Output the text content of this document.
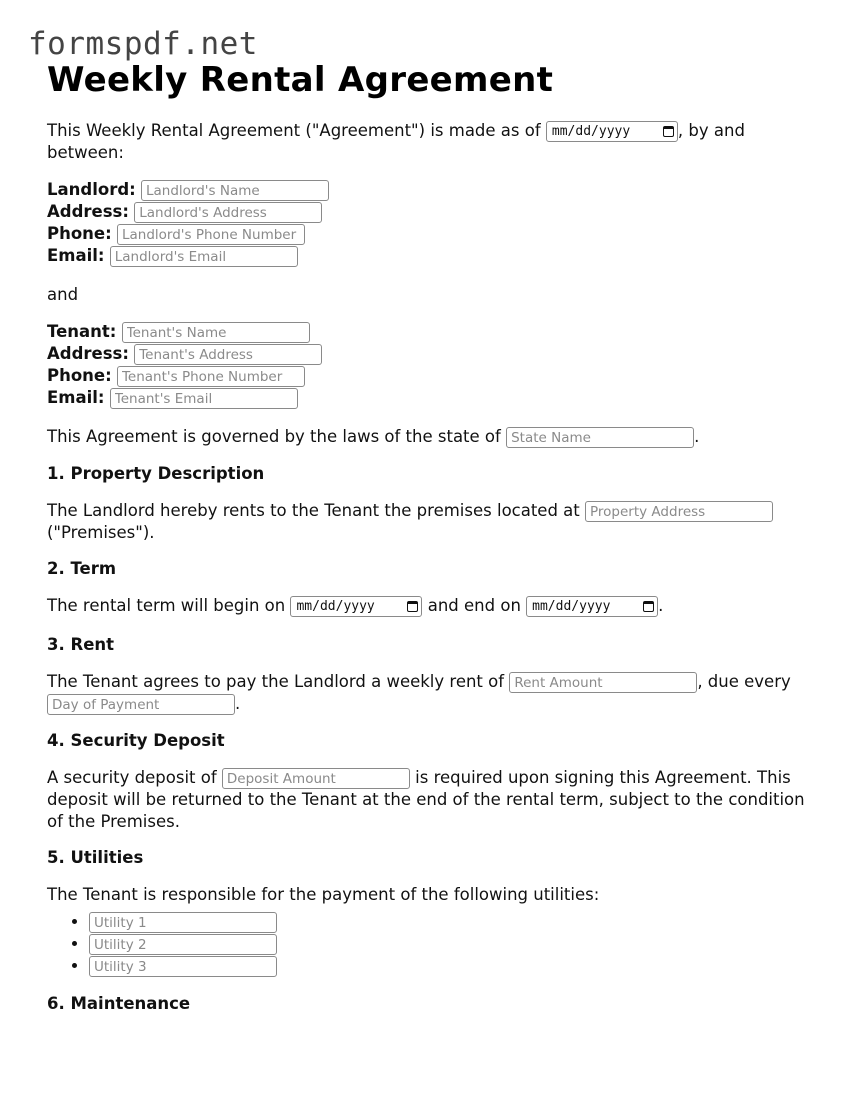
formspdf.net
Weekly Rental Agreement

This Weekly Rental Agreement ("Agreement") is made as of mm/dd/yyyy	, by and between:

Landlord: Landlord's Name
Address: Landlord's Address
Phone: Landlord's Phone Number
Email: Landlord's Email

and

Tenant: Tenant's Name
Address: Tenant's Address
Phone: Tenant's Phone Number
Email: Tenant's Email

This Agreement is governed by the laws of the state of State Name	.

1. Property Description

The Landlord hereby rents to the Tenant the premises located at Property Address
("Premises").

2. Term

The rental term will begin on mm/dd/yyyy	and end on mm/dd/yyyy	.

3. Rent

The Tenant agrees to pay the Landlord a weekly rent of Rent Amount	, due every
Day of Payment.

4. Security Deposit

A security deposit of Deposit Amount	is required upon signing this Agreement. This deposit will be returned to the Tenant at the end of the rental term, subject to the condition of the Premises.

5. Utilities

The Tenant is responsible for the payment of the following utilities:

• Utility 1
• Utility 2
• Utility 3
6. Maintenance
